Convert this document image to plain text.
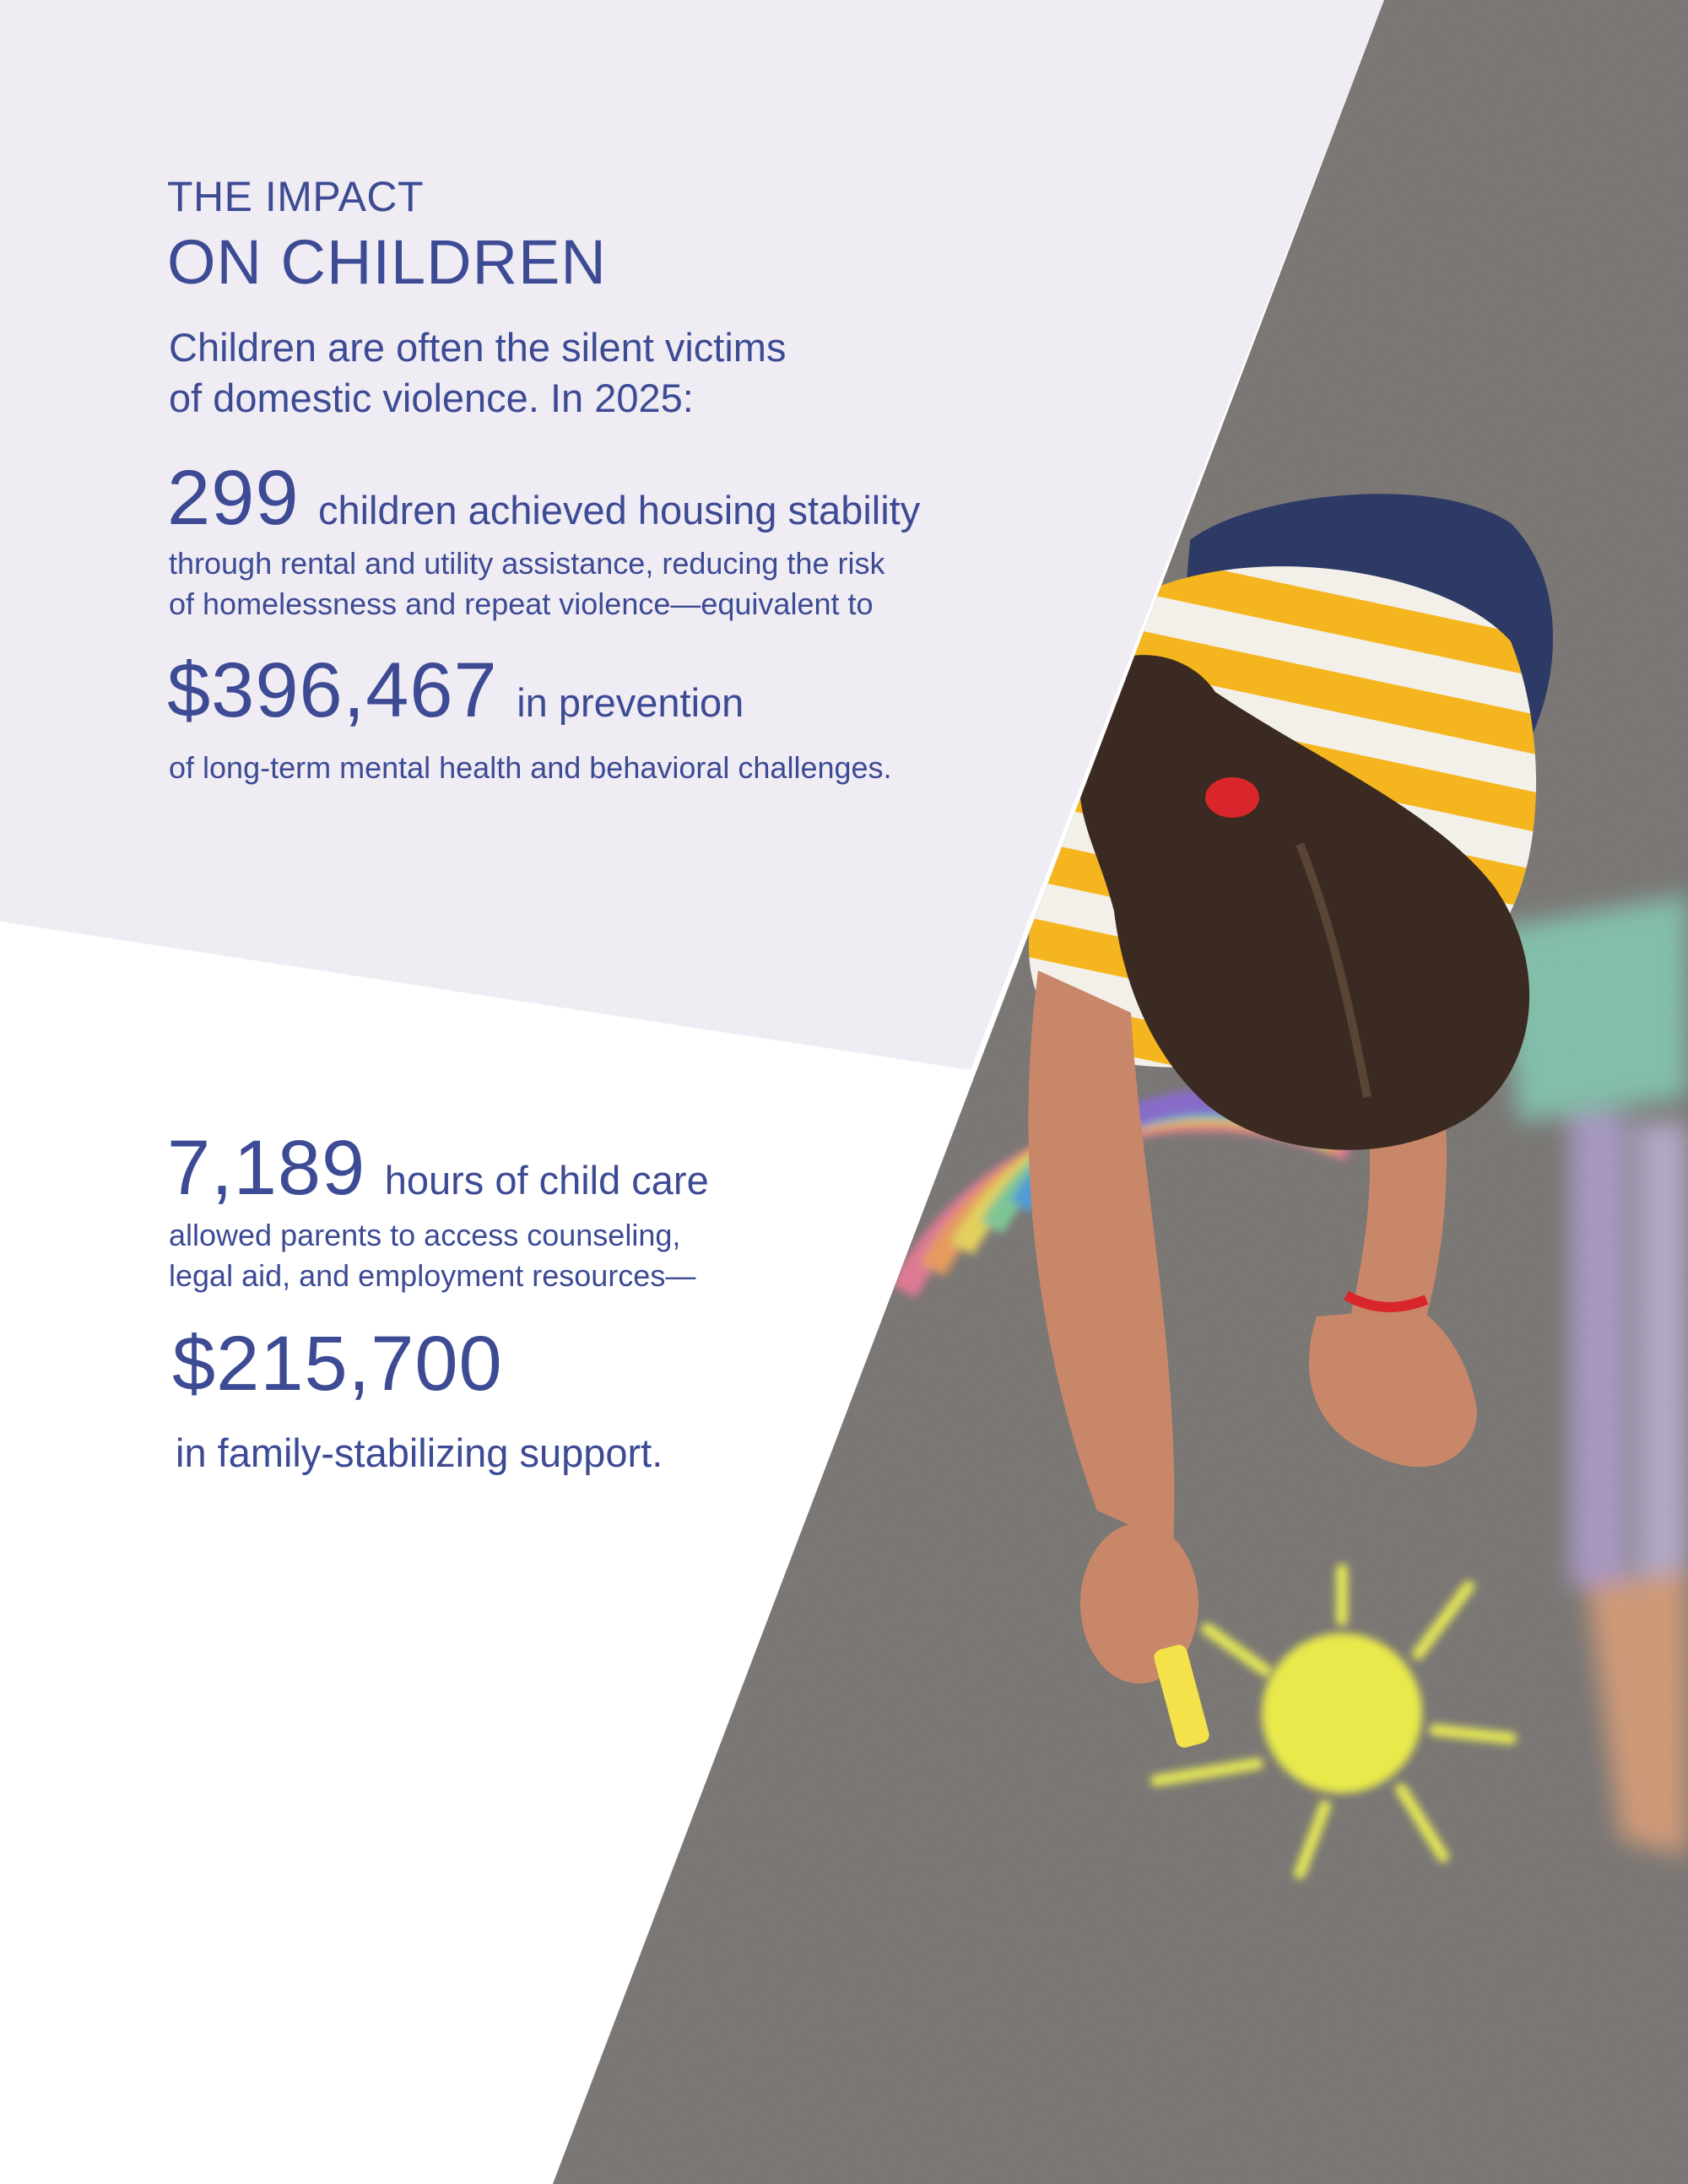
THE IMPACT
ON CHILDREN

Children are often the silent victims

of domestic violence. In 2025:

299 children achieved housing stability

through rental and utility assistance, reducing the risk

of homelessness and repeat violence—equivalent to

$396,467 in prevention

of long-term mental health and behavioral challenges.

7,189 hours of child care

allowed parents to access counseling,

legal aid, and employment resources—

$215,700

in family-stabilizing support.
